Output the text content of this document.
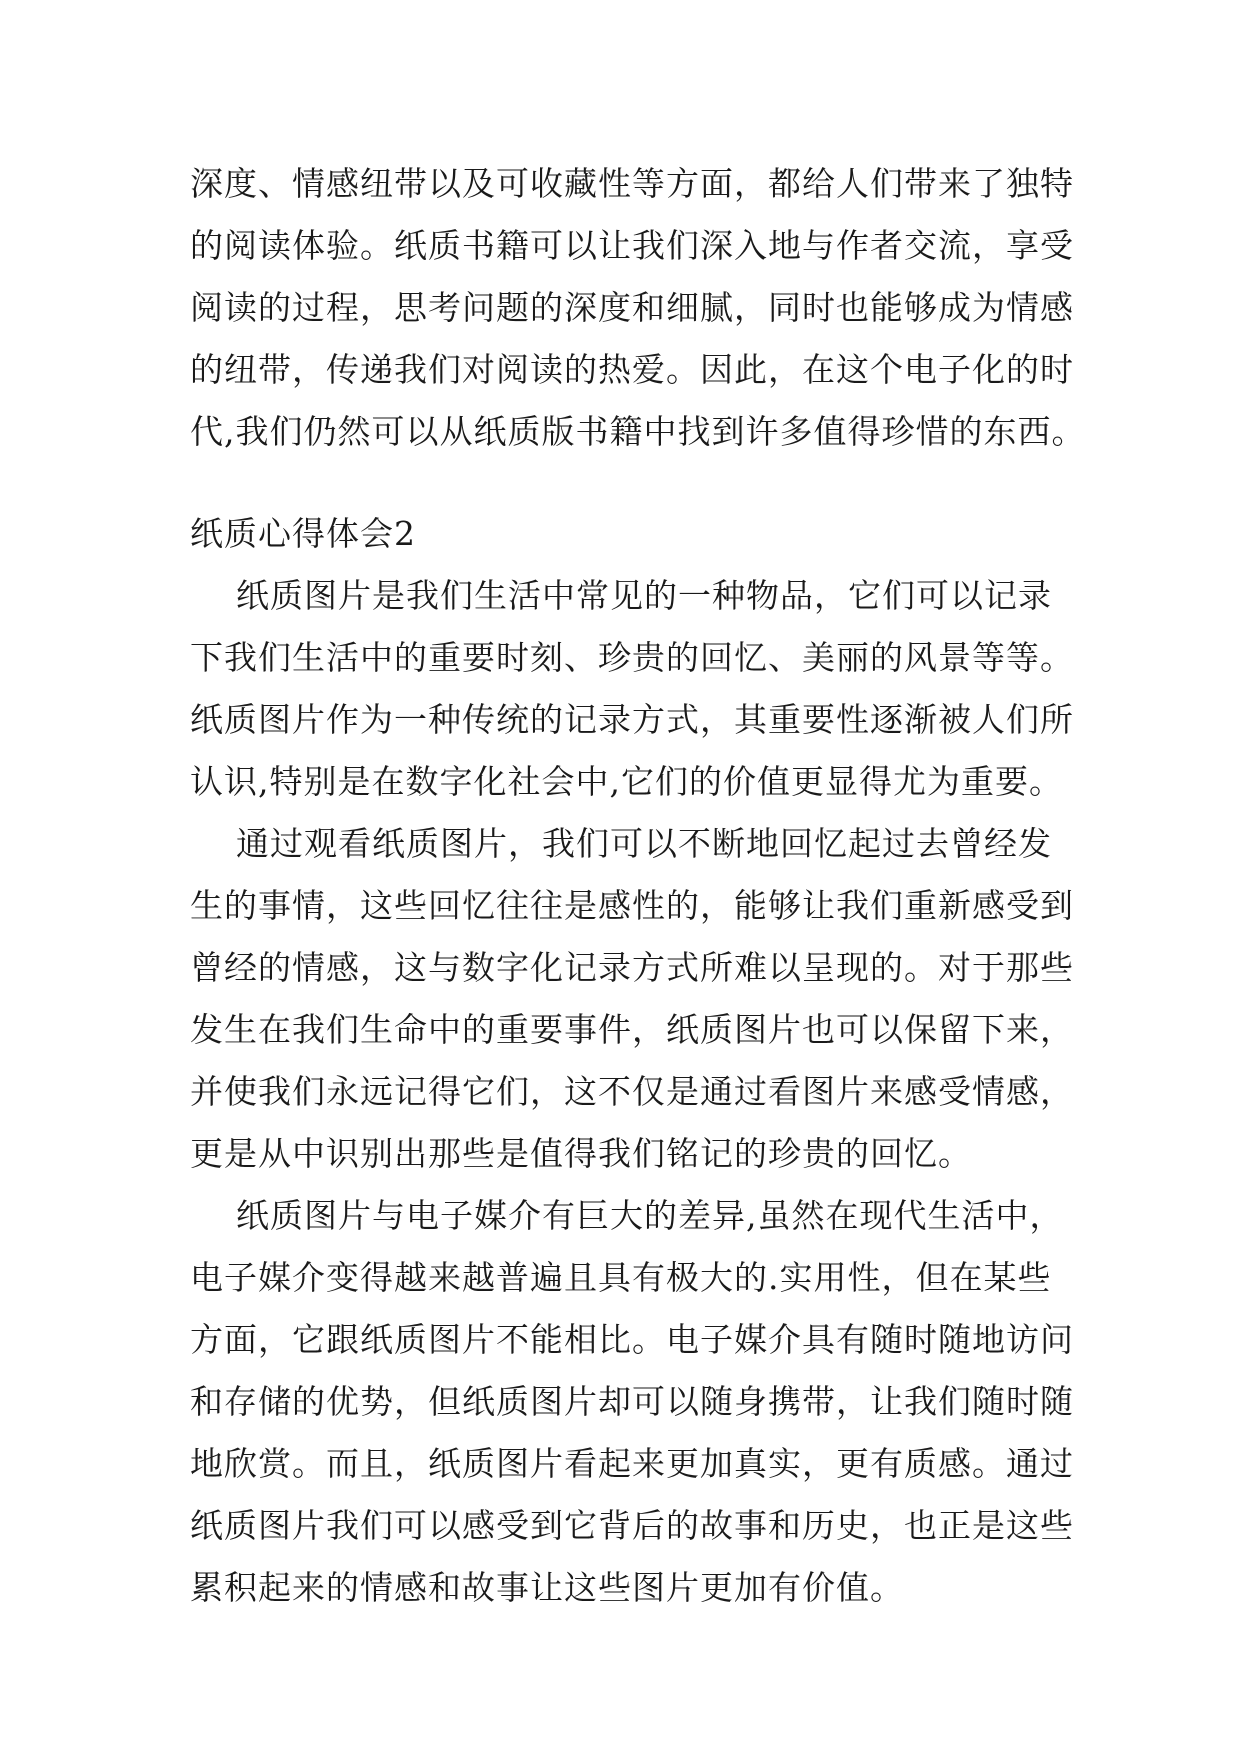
深度、情感纽带以及可收藏性等方面，都给人们带来了独特
的阅读体验。纸质书籍可以让我们深入地与作者交流，享受
阅读的过程，思考问题的深度和细腻，同时也能够成为情感
的纽带，传递我们对阅读的热爱。因此，在这个电子化的时
代,我们仍然可以从纸质版书籍中找到许多值得珍惜的东西。
纸质心得体会2
纸质图片是我们生活中常见的一种物品，它们可以记录
下我们生活中的重要时刻、珍贵的回忆、美丽的风景等等。
纸质图片作为一种传统的记录方式，其重要性逐渐被人们所
认识,特别是在数字化社会中,它们的价值更显得尤为重要。
通过观看纸质图片，我们可以不断地回忆起过去曾经发
生的事情，这些回忆往往是感性的，能够让我们重新感受到
曾经的情感，这与数字化记录方式所难以呈现的。对于那些
发生在我们生命中的重要事件，纸质图片也可以保留下来，
并使我们永远记得它们，这不仅是通过看图片来感受情感，
更是从中识别出那些是值得我们铭记的珍贵的回忆。
纸质图片与电子媒介有巨大的差异,虽然在现代生活中，
电子媒介变得越来越普遍且具有极大的.实用性，但在某些
方面，它跟纸质图片不能相比。电子媒介具有随时随地访问
和存储的优势，但纸质图片却可以随身携带，让我们随时随
地欣赏。而且，纸质图片看起来更加真实，更有质感。通过
纸质图片我们可以感受到它背后的故事和历史，也正是这些
累积起来的情感和故事让这些图片更加有价值。
